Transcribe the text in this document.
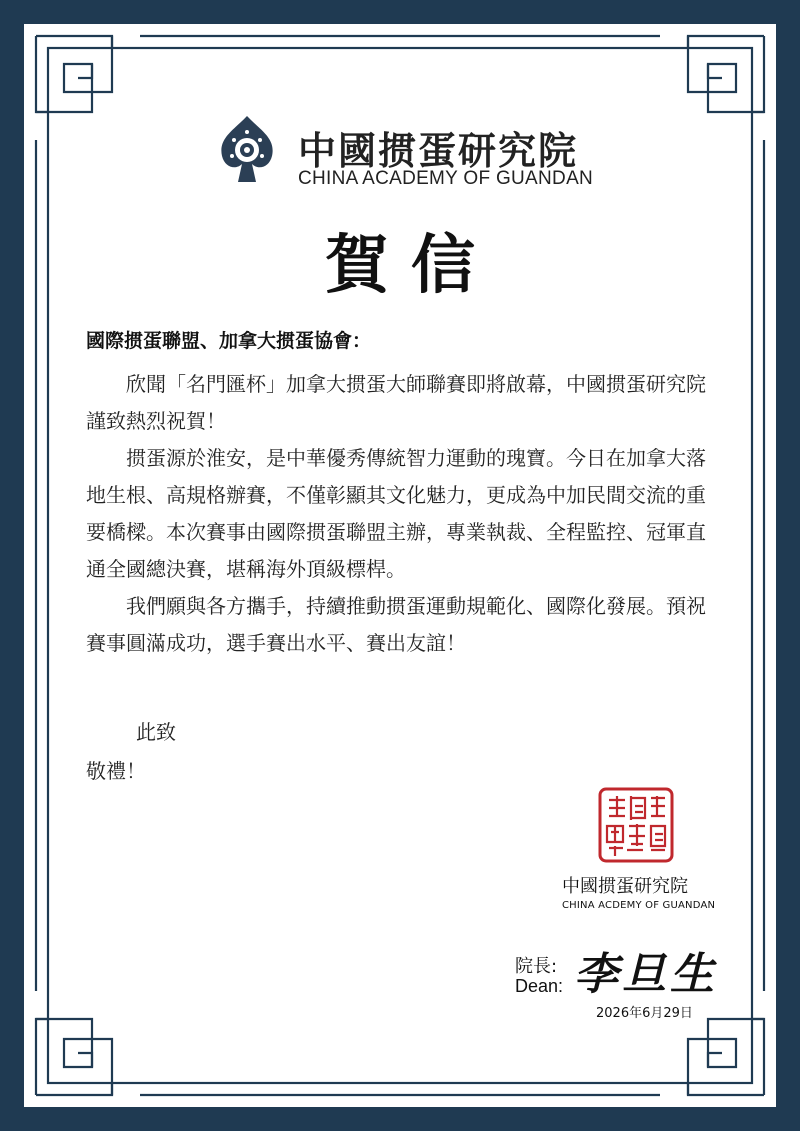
中國掼蛋研究院
CHINA ACADEMY OF GUANDAN
賀信
國際掼蛋聯盟、加拿大掼蛋協會：

欣聞「名門匯杯」加拿大掼蛋大師聯賽即將啟幕，中國掼蛋研究院謹致熱烈祝賀！

掼蛋源於淮安，是中華優秀傳統智力運動的瑰寶。今日在加拿大落地生根、高規格辦賽，不僅彰顯其文化魅力，更成為中加民間交流的重要橋樑。本次賽事由國際掼蛋聯盟主辦，專業執裁、全程監控、冠軍直通全國總決賽，堪稱海外頂級標桿。

我們願與各方攜手，持續推動掼蛋運動規範化、國際化發展。預祝賽事圓滿成功，選手賽出水平、賽出友誼！

此致
敬禮！
中國掼蛋研究院
CHINA ACDEMY OF GUANDAN
院長:
Dean: 李旦生
2026年6月29日
